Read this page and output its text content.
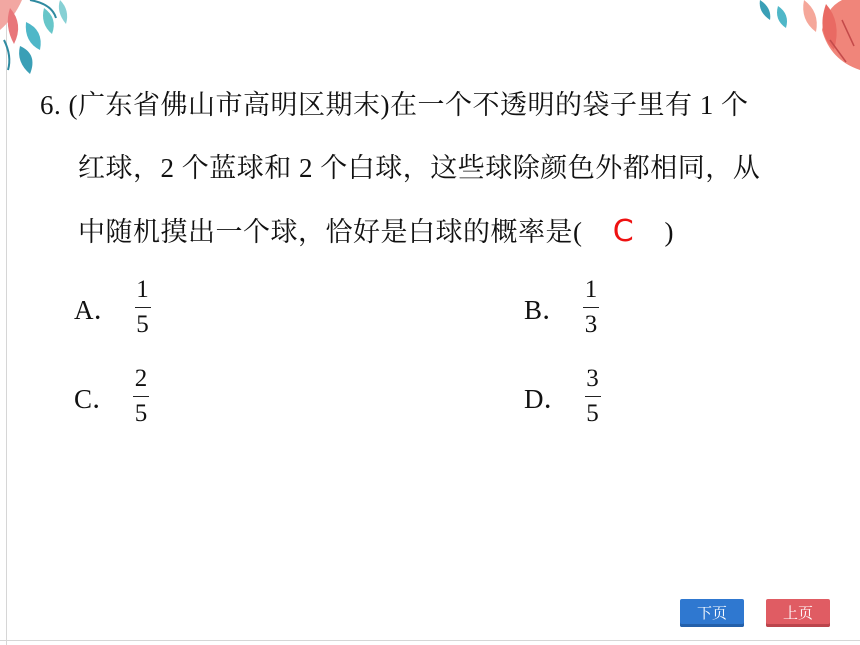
6. (广东省佛山市高明区期末)在一个不透明的袋子里有 1 个
红球，2 个蓝球和 2 个白球，这些球除颜色外都相同，从
中随机摸出一个球，恰好是白球的概率是( C )
A． $\frac{1}{5}$	B． $\frac{1}{3}$
C． $\frac{2}{5}$	D． $\frac{3}{5}$
下页	上页
